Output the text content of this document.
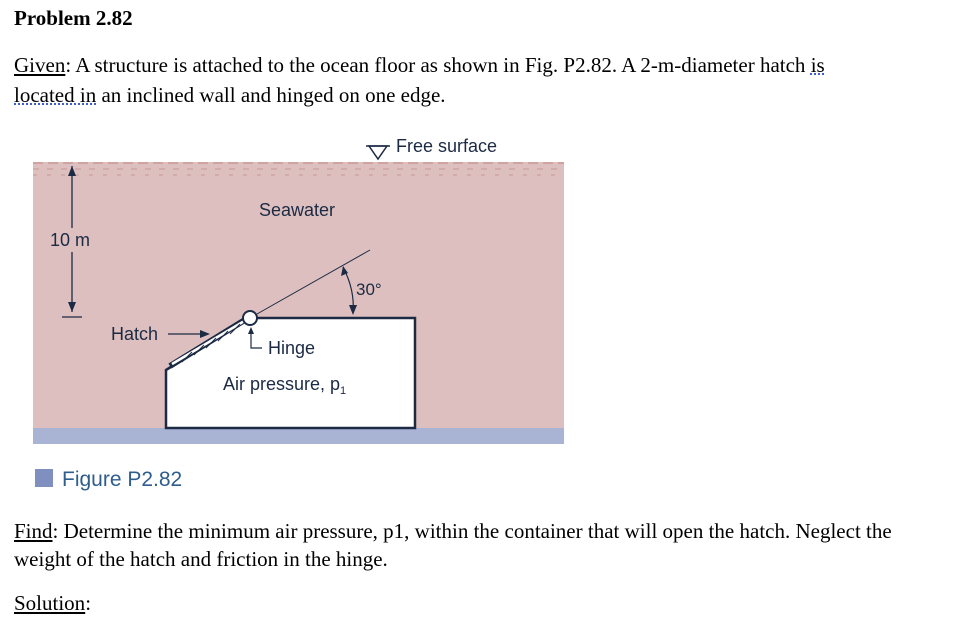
Problem 2.82
Given: A structure is attached to the ocean floor as shown in Fig. P2.82. A 2-m-diameter hatch is
located in an inclined wall and hinged on one edge.
Free surface
Seawater
10 m
30°
Hatch
Hinge
Air pressure, $p_1$
Figure P2.82
Find: Determine the minimum air pressure, p1, within the container that will open the hatch. Neglect the weight of the hatch and friction in the hinge.
Solution:
